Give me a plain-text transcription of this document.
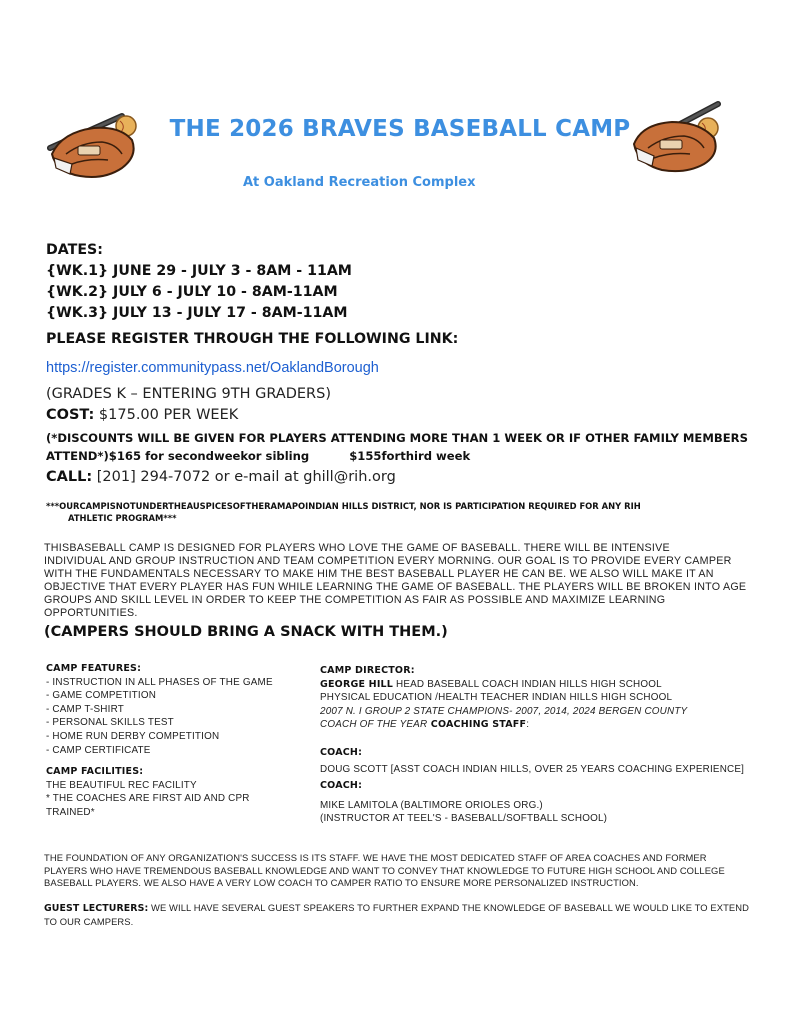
THE 2026 BRAVES BASEBALL CAMP
At Oakland Recreation Complex
DATES:
{WK.1} JUNE 29 - JULY 3 - 8AM - 11AM
{WK.2} JULY 6 - JULY 10 - 8AM-11AM
{WK.3} JULY 13 - JULY 17 - 8AM-11AM
PLEASE REGISTER THROUGH THE FOLLOWING LINK:
https://register.communitypass.net/OaklandBorough
(GRADES K – ENTERING 9TH GRADERS)
COST: $175.00 PER WEEK
(*DISCOUNTS WILL BE GIVEN FOR PLAYERS ATTENDING MORE THAN 1 WEEK OR IF OTHER FAMILY MEMBERS
ATTEND*)$165 for secondweekor sibling	$155forthird week
CALL: [201] 294-7072 or e-mail at ghill@rih.org
***OURCAMPISNOTUNDERTHEAUSPICESOFTHERAMAPOINDIAN HILLS DISTRICT, NOR IS PARTICIPATION REQUIRED FOR ANY RIH
ATHLETIC PROGRAM***
THISBASEBALL CAMP IS DESIGNED FOR PLAYERS WHO LOVE THE GAME OF BASEBALL. THERE WILL BE INTENSIVE
INDIVIDUAL AND GROUP INSTRUCTION AND TEAM COMPETITION EVERY MORNING. OUR GOAL IS TO PROVIDE EVERY CAMPER
WITH THE FUNDAMENTALS NECESSARY TO MAKE HIM THE BEST BASEBALL PLAYER HE CAN BE. WE ALSO WILL MAKE IT AN
OBJECTIVE THAT EVERY PLAYER HAS FUN WHILE LEARNING THE GAME OF BASEBALL. THE PLAYERS WILL BE BROKEN INTO AGE
GROUPS AND SKILL LEVEL IN ORDER TO KEEP THE COMPETITION AS FAIR AS POSSIBLE AND MAXIMIZE LEARNING
OPPORTUNITIES.
(CAMPERS SHOULD BRING A SNACK WITH THEM.)
CAMP FEATURES:
- INSTRUCTION IN ALL PHASES OF THE GAME
- GAME COMPETITION
- CAMP T-SHIRT
- PERSONAL SKILLS TEST
- HOME RUN DERBY COMPETITION
- CAMP CERTIFICATE
CAMP FACILITIES:
THE BEAUTIFUL REC FACILITY
* THE COACHES ARE FIRST AID AND CPR
TRAINED*
CAMP DIRECTOR:
GEORGE HILL HEAD BASEBALL COACH INDIAN HILLS HIGH SCHOOL
PHYSICAL EDUCATION /HEALTH TEACHER INDIAN HILLS HIGH SCHOOL
2007 N. I GROUP 2 STATE CHAMPIONS- 2007, 2014, 2024 BERGEN COUNTY
COACH OF THE YEAR COACHING STAFF:
COACH:
DOUG SCOTT [ASST COACH INDIAN HILLS, OVER 25 YEARS COACHING EXPERIENCE]
COACH:
MIKE LAMITOLA (BALTIMORE ORIOLES ORG.)
(INSTRUCTOR AT TEEL'S - BASEBALL/SOFTBALL SCHOOL)
THE FOUNDATION OF ANY ORGANIZATION'S SUCCESS IS ITS STAFF. WE HAVE THE MOST DEDICATED STAFF OF AREA COACHES AND FORMER
PLAYERS WHO HAVE TREMENDOUS BASEBALL KNOWLEDGE AND WANT TO CONVEY THAT KNOWLEDGE TO FUTURE HIGH SCHOOL AND COLLEGE
BASEBALL PLAYERS. WE ALSO HAVE A VERY LOW COACH TO CAMPER RATIO TO ENSURE MORE PERSONALIZED INSTRUCTION.
GUEST LECTURERS: WE WILL HAVE SEVERAL GUEST SPEAKERS TO FURTHER EXPAND THE KNOWLEDGE OF BASEBALL WE WOULD LIKE TO EXTEND
TO OUR CAMPERS.
